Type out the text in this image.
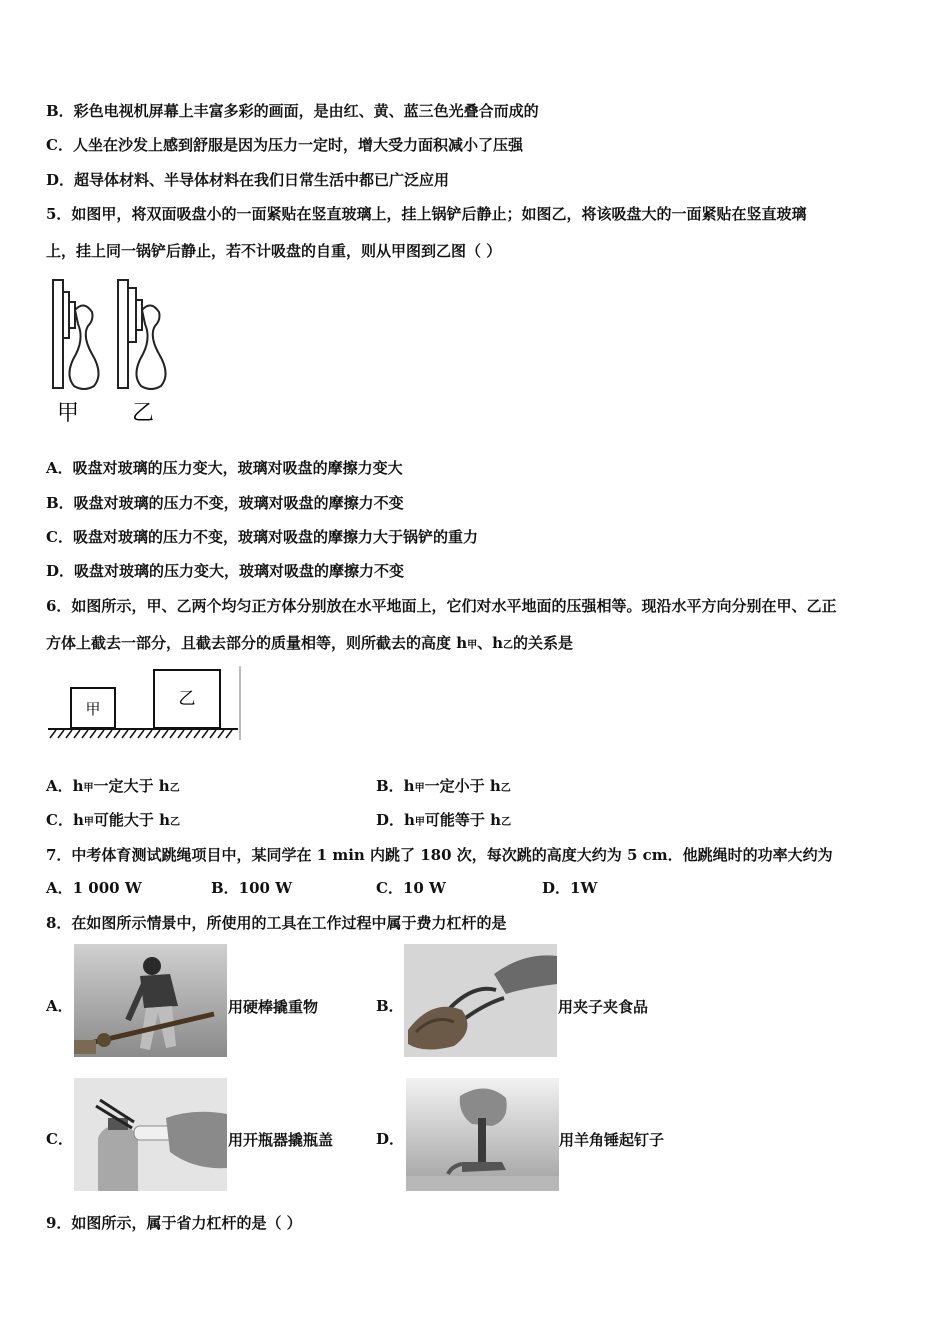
B．彩色电视机屏幕上丰富多彩的画面，是由红、黄、蓝三色光叠合而成的
C．人坐在沙发上感到舒服是因为压力一定时，增大受力面积减小了压强
D．超导体材料、半导体材料在我们日常生活中都已广泛应用
5．如图甲，将双面吸盘小的一面紧贴在竖直玻璃上，挂上锅铲后静止；如图乙，将该吸盘大的一面紧贴在竖直玻璃
上，挂上同一锅铲后静止，若不计吸盘的自重，则从甲图到乙图（ ）
甲 乙
A．吸盘对玻璃的压力变大，玻璃对吸盘的摩擦力变大
B．吸盘对玻璃的压力不变，玻璃对吸盘的摩擦力不变
C．吸盘对玻璃的压力不变，玻璃对吸盘的摩擦力大于锅铲的重力
D．吸盘对玻璃的压力变大，玻璃对吸盘的摩擦力不变
6．如图所示，甲、乙两个均匀正方体分别放在水平地面上，它们对水平地面的压强相等。现沿水平方向分别在甲、乙正
方体上截去一部分，且截去部分的质量相等，则所截去的高度 h甲、h乙的关系是
甲
乙
A．h甲一定大于 h乙	B．h甲一定小于 h乙
C．h甲可能大于 h乙	D．h甲可能等于 h乙
7．中考体育测试跳绳项目中，某同学在 1 min 内跳了 180 次，每次跳的高度大约为 5 cm．他跳绳时的功率大约为
A．1 000 W	B．100 W	C．10 W	D．1W
8．在如图所示情景中，所使用的工具在工作过程中属于费力杠杆的是
A．	用硬棒撬重物	B．	用夹子夹食品
C．	用开瓶器撬瓶盖	D．	用羊角锤起钉子
9．如图所示，属于省力杠杆的是（ ）
